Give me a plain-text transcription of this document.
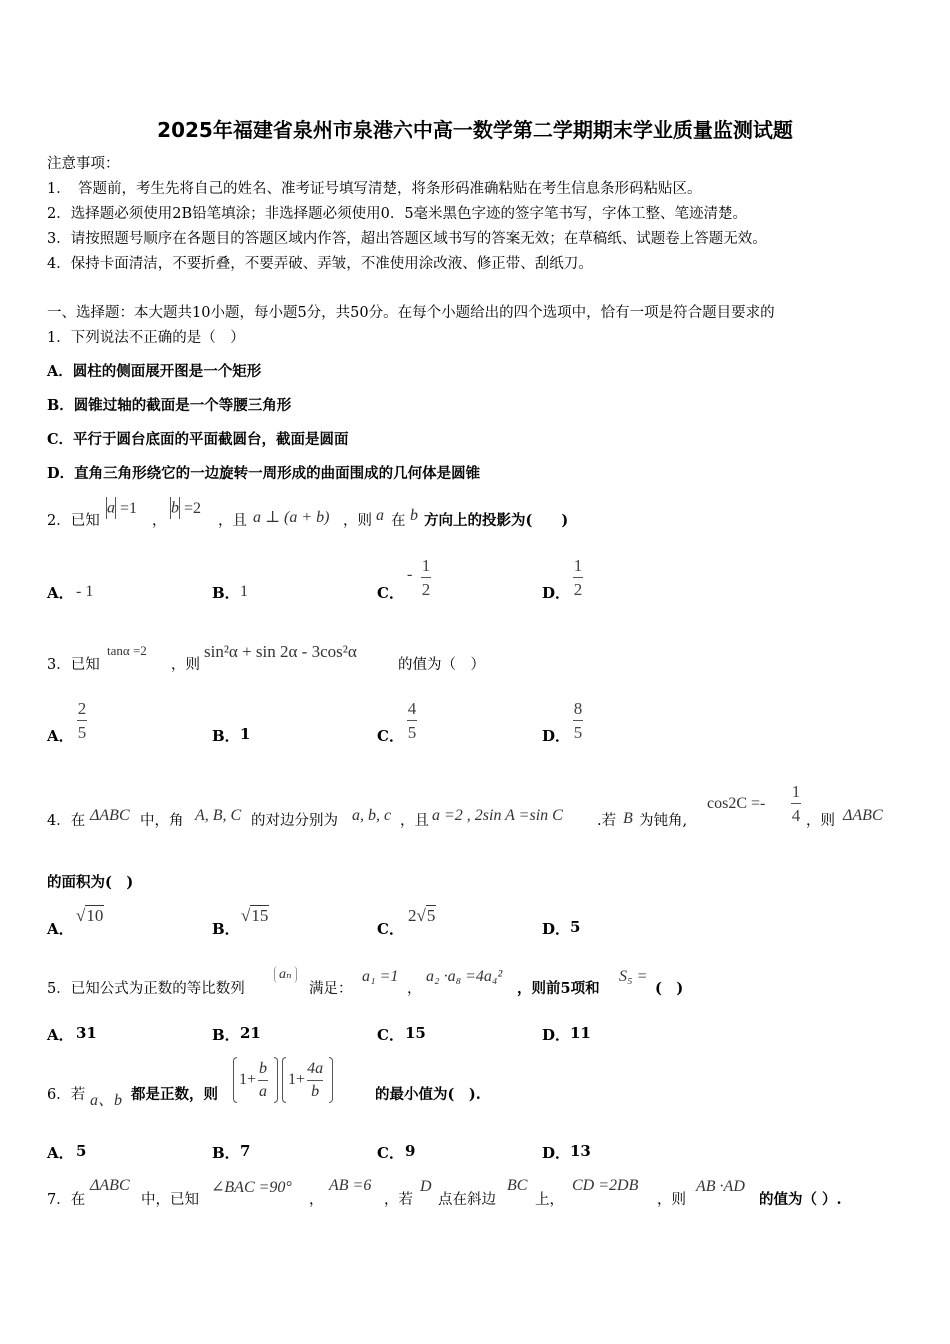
2025年福建省泉州市泉港六中高一数学第二学期期末学业质量监测试题
注意事项：
1．　答题前，考生先将自己的姓名、准考证号填写清楚，将条形码准确粘贴在考生信息条形码粘贴区。
2．选择题必须使用2B铅笔填涂；非选择题必须使用0．5毫米黑色字迹的签字笔书写，字体工整、笔迹清楚。
3．请按照题号顺序在各题目的答题区域内作答，超出答题区域书写的答案无效；在草稿纸、试题卷上答题无效。
4．保持卡面清洁，不要折叠，不要弄破、弄皱，不准使用涂改液、修正带、刮纸刀。
一、选择题：本大题共10小题，每小题5分，共50分。在每个小题给出的四个选项中，恰有一项是符合题目要求的
1．下列说法不正确的是（　）
A．圆柱的侧面展开图是一个矩形
B．圆锥过轴的截面是一个等腰三角形
C．平行于圆台底面的平面截圆台，截面是圆面
D．直角三角形绕它的一边旋转一周形成的曲面围成的几何体是圆锥
2．已知
a =1
，
b =2
，且 a ⊥ (a + b) ，则 a 在 b 方向上的投影为(　　)
A． - 1	B． 1	C．
- $\frac{1}{2}$	D． $\frac{1}{2}$
3．已知
tanα =2
，则
sin²α + sin 2α - 3cos²α
的值为（　）
A． $\frac{2}{5}$	B． 1	C． $\frac{4}{5}$	D． $\frac{8}{5}$
4．在 ΔABC 中，角 A, B, C 的对边分别为 a, b, c ，且 a =2 , 2sin A =sin C .若 B 为钝角,
$\cos 2C =- \frac{1}{4}$ ，则 ΔABC
的面积为(　)
A．
√10
B．
√15
C．
2√5
D． 5
5．已知公式为正数的等比数列
aₙ
满足：
a₁ =1
，
a₂ ·a₈ =4a₄²
，则前5项和
S₅ =
(　)
A． 31	B． 21	C． 15	D． 11
6．若 a、b 都是正数，则
$1+ \frac{b}{a} 1+ \frac{4a}{b}$	的最小值为(　).
A． 5	B． 7	C． 9	D． 13
7．在
ΔABC
中，已知
∠BAC =90°
，
AB =6
，若
D
点在斜边
BC
上，
CD =2DB
，则
AB ·AD
的值为（ ）.
